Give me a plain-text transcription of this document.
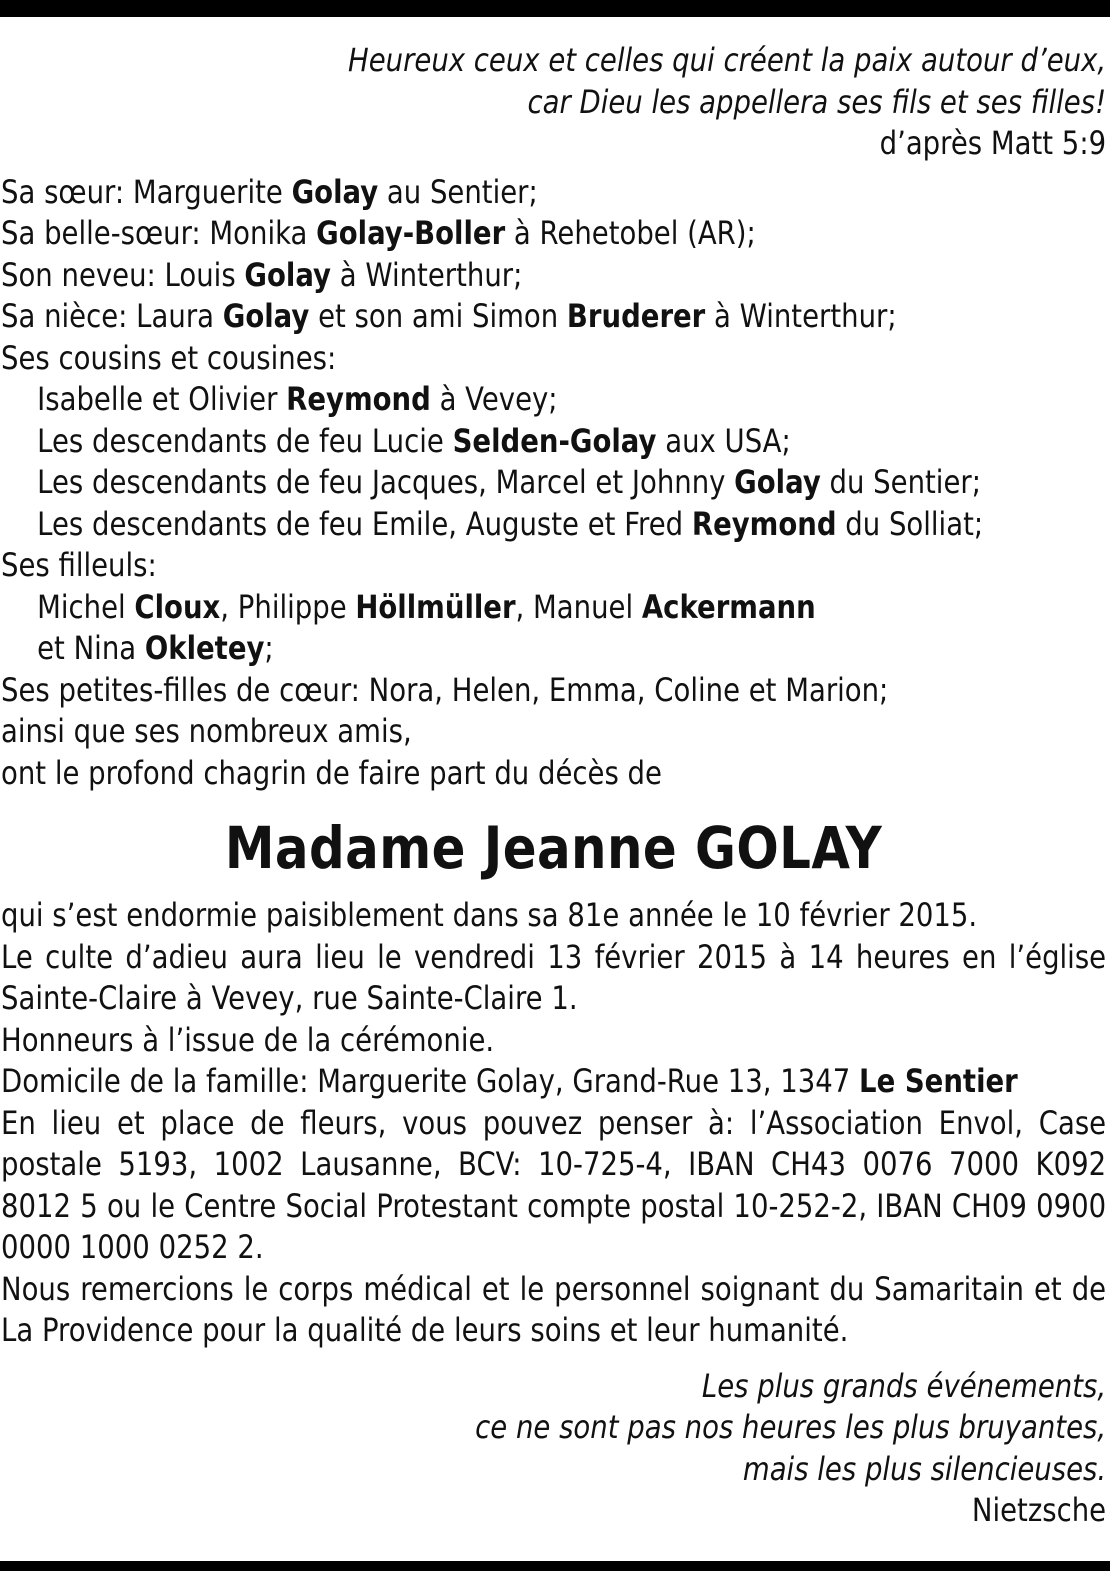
Heureux ceux et celles qui créent la paix autour d’eux,
car Dieu les appellera ses fils et ses filles!
d’après Matt 5:9
Sa sœur: Marguerite Golay au Sentier;
Sa belle-sœur: Monika Golay-Boller à Rehetobel (AR);
Son neveu: Louis Golay à Winterthur;
Sa nièce: Laura Golay et son ami Simon Bruderer à Winterthur;
Ses cousins et cousines:
Isabelle et Olivier Reymond à Vevey;
Les descendants de feu Lucie Selden-Golay aux USA;
Les descendants de feu Jacques, Marcel et Johnny Golay du Sentier;
Les descendants de feu Emile, Auguste et Fred Reymond du Solliat;
Ses filleuls:
Michel Cloux, Philippe Höllmüller, Manuel Ackermann
et Nina Okletey;
Ses petites-filles de cœur: Nora, Helen, Emma, Coline et Marion;
ainsi que ses nombreux amis,
ont le profond chagrin de faire part du décès de
Madame Jeanne GOLAY
qui s’est endormie paisiblement dans sa 81e année le 10 février 2015.
Le culte d’adieu aura lieu le vendredi 13 février 2015 à 14 heures en l’église Sainte-Claire à Vevey, rue Sainte-Claire 1.
Honneurs à l’issue de la cérémonie.
Domicile de la famille: Marguerite Golay, Grand-Rue 13, 1347 Le Sentier
En lieu et place de fleurs, vous pouvez penser à: l’Association Envol, Case postale 5193, 1002 Lausanne, BCV: 10-725-4, IBAN CH43 0076 7000 K092 8012 5 ou le Centre Social Protestant compte postal 10-252-2, IBAN CH09 0900 0000 1000 0252 2.
Nous remercions le corps médical et le personnel soignant du Samaritain et de La Providence pour la qualité de leurs soins et leur humanité.
Les plus grands événements,
ce ne sont pas nos heures les plus bruyantes,
mais les plus silencieuses.
Nietzsche
